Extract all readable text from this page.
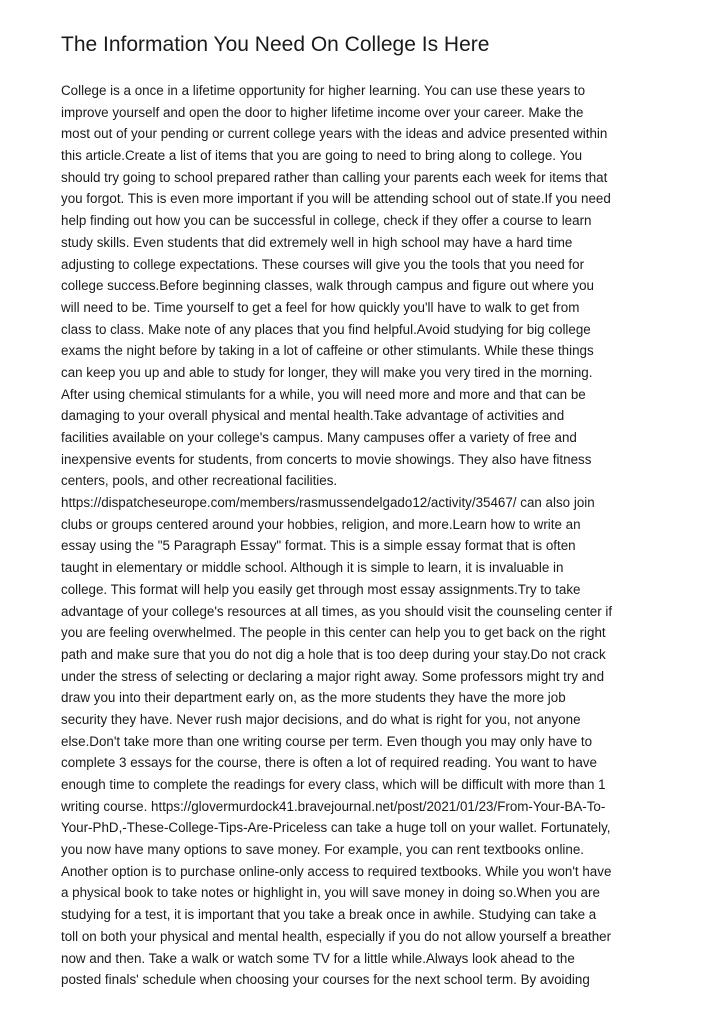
The Information You Need On College Is Here
College is a once in a lifetime opportunity for higher learning. You can use these years to
improve yourself and open the door to higher lifetime income over your career. Make the
most out of your pending or current college years with the ideas and advice presented within
this article.Create a list of items that you are going to need to bring along to college. You
should try going to school prepared rather than calling your parents each week for items that
you forgot. This is even more important if you will be attending school out of state.If you need
help finding out how you can be successful in college, check if they offer a course to learn
study skills. Even students that did extremely well in high school may have a hard time
adjusting to college expectations. These courses will give you the tools that you need for
college success.Before beginning classes, walk through campus and figure out where you
will need to be. Time yourself to get a feel for how quickly you'll have to walk to get from
class to class. Make note of any places that you find helpful.Avoid studying for big college
exams the night before by taking in a lot of caffeine or other stimulants. While these things
can keep you up and able to study for longer, they will make you very tired in the morning.
After using chemical stimulants for a while, you will need more and more and that can be
damaging to your overall physical and mental health.Take advantage of activities and
facilities available on your college's campus. Many campuses offer a variety of free and
inexpensive events for students, from concerts to movie showings. They also have fitness
centers, pools, and other recreational facilities.
https://dispatcheseurope.com/members/rasmussendelgado12/activity/35467/ can also join
clubs or groups centered around your hobbies, religion, and more.Learn how to write an
essay using the "5 Paragraph Essay" format. This is a simple essay format that is often
taught in elementary or middle school. Although it is simple to learn, it is invaluable in
college. This format will help you easily get through most essay assignments.Try to take
advantage of your college's resources at all times, as you should visit the counseling center if
you are feeling overwhelmed. The people in this center can help you to get back on the right
path and make sure that you do not dig a hole that is too deep during your stay.Do not crack
under the stress of selecting or declaring a major right away. Some professors might try and
draw you into their department early on, as the more students they have the more job
security they have. Never rush major decisions, and do what is right for you, not anyone
else.Don't take more than one writing course per term. Even though you may only have to
complete 3 essays for the course, there is often a lot of required reading. You want to have
enough time to complete the readings for every class, which will be difficult with more than 1
writing course. https://glovermurdock41.bravejournal.net/post/2021/01/23/From-Your-BA-To-
Your-PhD,-These-College-Tips-Are-Priceless can take a huge toll on your wallet. Fortunately,
you now have many options to save money. For example, you can rent textbooks online.
Another option is to purchase online-only access to required textbooks. While you won't have
a physical book to take notes or highlight in, you will save money in doing so.When you are
studying for a test, it is important that you take a break once in awhile. Studying can take a
toll on both your physical and mental health, especially if you do not allow yourself a breather
now and then. Take a walk or watch some TV for a little while.Always look ahead to the
posted finals' schedule when choosing your courses for the next school term. By avoiding
